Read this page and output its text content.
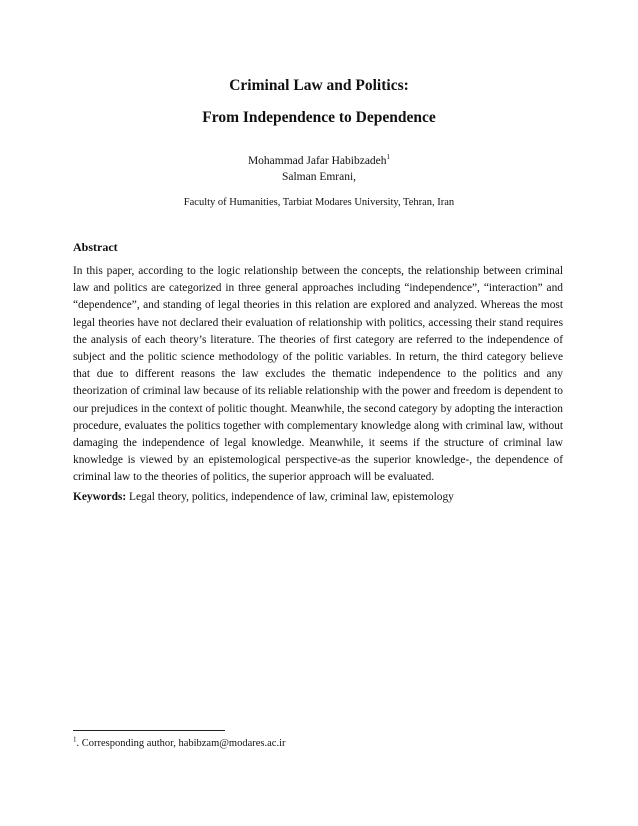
Criminal Law and Politics:
From Independence to Dependence
Mohammad Jafar Habibzadeh$^1$
Salman Emrani,
Faculty of Humanities, Tarbiat Modares University, Tehran, Iran
Abstract
In this paper, according to the logic relationship between the concepts, the relationship between criminal law and politics are categorized in three general approaches including “independence”, “interaction” and “dependence”, and standing of legal theories in this relation are explored and analyzed. Whereas the most legal theories have not declared their evaluation of relationship with politics, accessing their stand requires the analysis of each theory’s literature. The theories of first category are referred to the independence of subject and the politic science methodology of the politic variables. In return, the third category believe that due to different reasons the law excludes the thematic independence to the politics and any theorization of criminal law because of its reliable relationship with the power and freedom is dependent to our prejudices in the context of politic thought. Meanwhile, the second category by adopting the interaction procedure, evaluates the politics together with complementary knowledge along with criminal law, without damaging the independence of legal knowledge. Meanwhile, it seems if the structure of criminal law knowledge is viewed by an epistemological perspective-as the superior knowledge-, the dependence of criminal law to the theories of politics, the superior approach will be evaluated.
Keywords: Legal theory, politics, independence of law, criminal law, epistemology
$^1$. Corresponding author, habibzam@modares.ac.ir
